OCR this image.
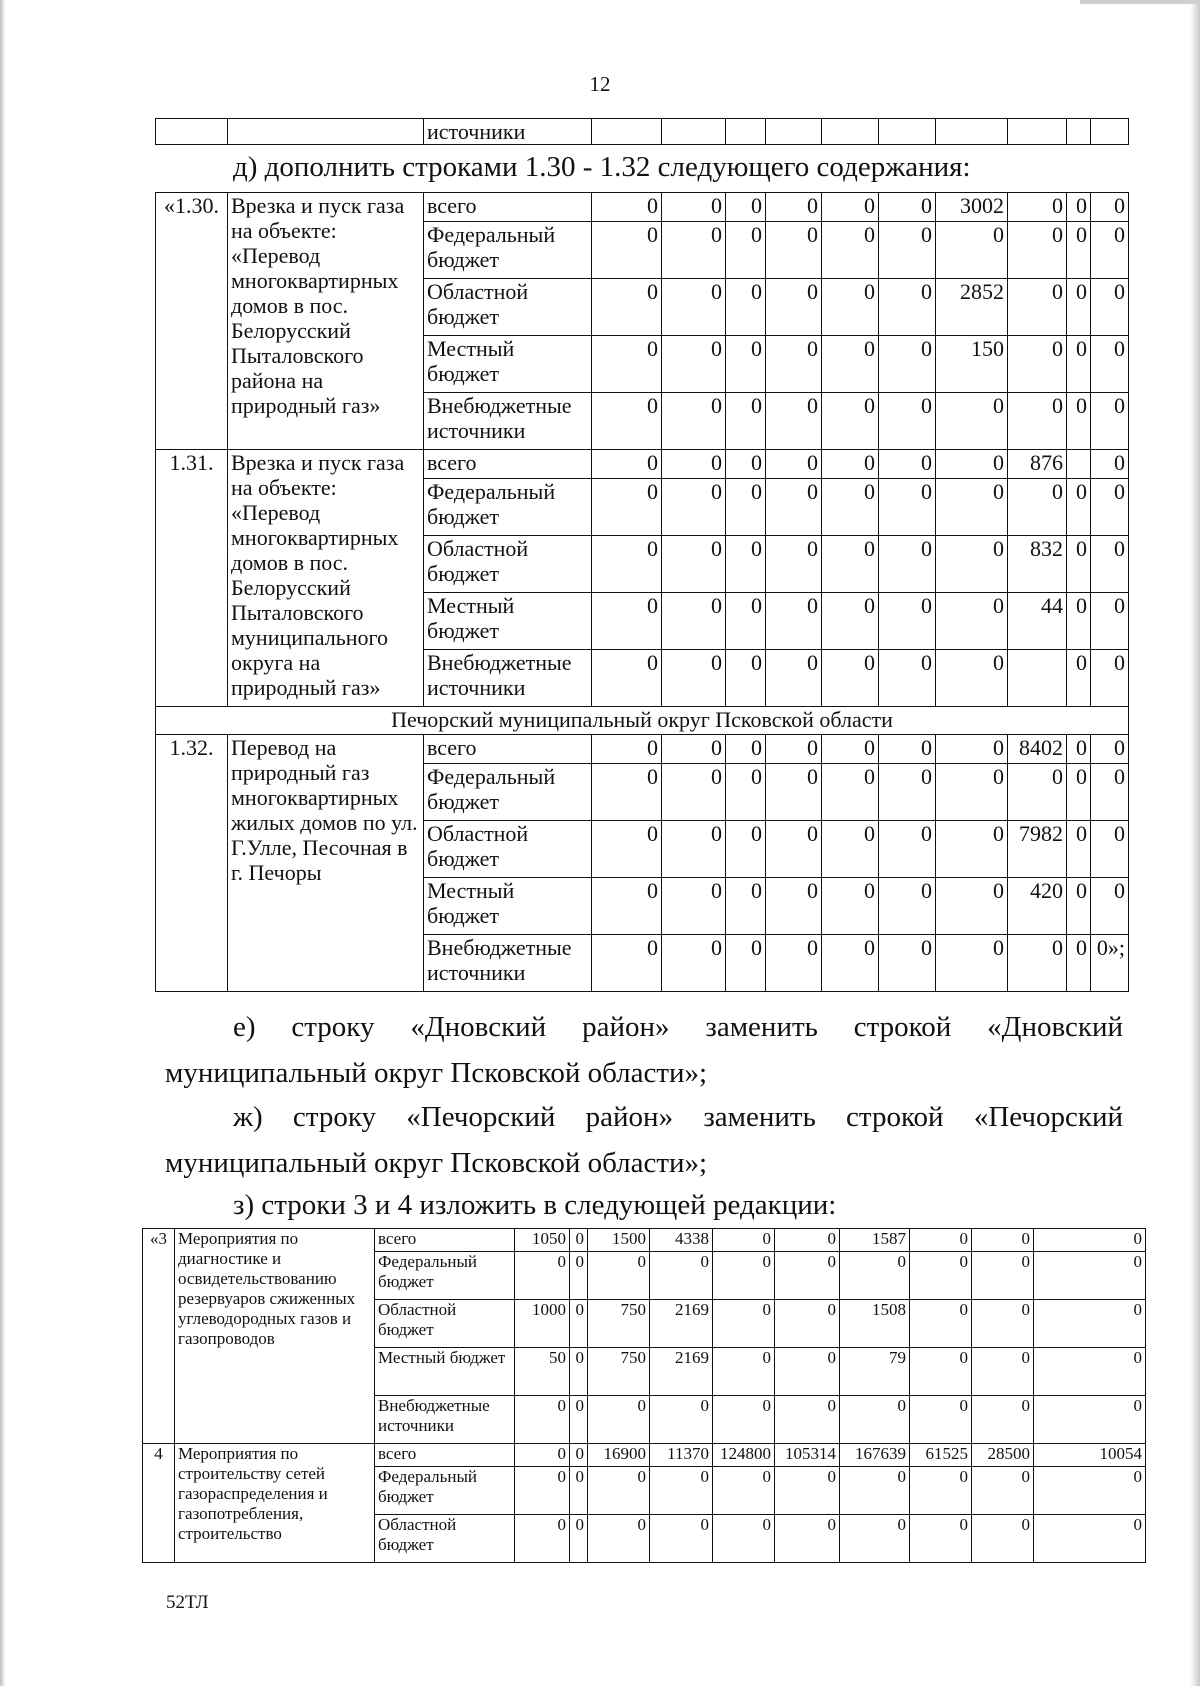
12
		источники										
д) дополнить строками 1.30 - 1.32 следующего содержания:
«1.30.	Врезка и пуск газа на объекте: «Перевод многоквартирных домов в пос. Белорусский Пыталовского района на природный газ»	всего	0	0	0	0	0	0	3002	0	0	0
		Федеральный бюджет	0	0	0	0	0	0	0	0	0	0
		Областной бюджет	0	0	0	0	0	0	2852	0	0	0
		Местный бюджет	0	0	0	0	0	0	150	0	0	0
		Внебюджетные источники	0	0	0	0	0	0	0	0	0	0
1.31.	Врезка и пуск газа на объекте: «Перевод многоквартирных домов в пос. Белорусский Пыталовского муниципального округа на природный газ»	всего	0	0	0	0	0	0	0	876		0
		Федеральный бюджет	0	0	0	0	0	0	0	0	0	0
		Областной бюджет	0	0	0	0	0	0	0	832	0	0
		Местный бюджет	0	0	0	0	0	0	0	44	0	0
		Внебюджетные источники	0	0	0	0	0	0	0		0	0
Печорский муниципальный округ Псковской области												
1.32.	Перевод на природный газ многоквартирных жилых домов по ул. Г.Улле, Песочная в г. Печоры	всего	0	0	0	0	0	0	0	8402	0	0
		Федеральный бюджет	0	0	0	0	0	0	0	0	0	0
		Областной бюджет	0	0	0	0	0	0	0	7982	0	0
		Местный бюджет	0	0	0	0	0	0	0	420	0	0
		Внебюджетные источники	0	0	0	0	0	0	0	0	0	0»;
е) строку «Дновский район» заменить строкой «Дновский
муниципальный округ Псковской области»;
ж) строку «Печорский район» заменить строкой «Печорский
муниципальный округ Псковской области»;
з) строки 3 и 4 изложить в следующей редакции:
«3	Мероприятия по диагностике и освидетельствованию резервуаров сжиженных углеводородных газов и газопроводов	всего	1050	0	1500	4338	0	0	1587	0	0	0
		Федеральный бюджет	0	0	0	0	0	0	0	0	0	0
		Областной бюджет	1000	0	750	2169	0	0	1508	0	0	0
		Местный бюджет	50	0	750	2169	0	0	79	0	0	0
		Внебюджетные источники	0	0	0	0	0	0	0	0	0	0
4	Мероприятия по строительству сетей газораспределения и газопотребления, строительство	всего	0	0	16900	11370	124800	105314	167639	61525	28500	10054
		Федеральный бюджет	0	0	0	0	0	0	0	0	0	0
		Областной бюджет	0	0	0	0	0	0	0	0	0	0
52ТЛ
